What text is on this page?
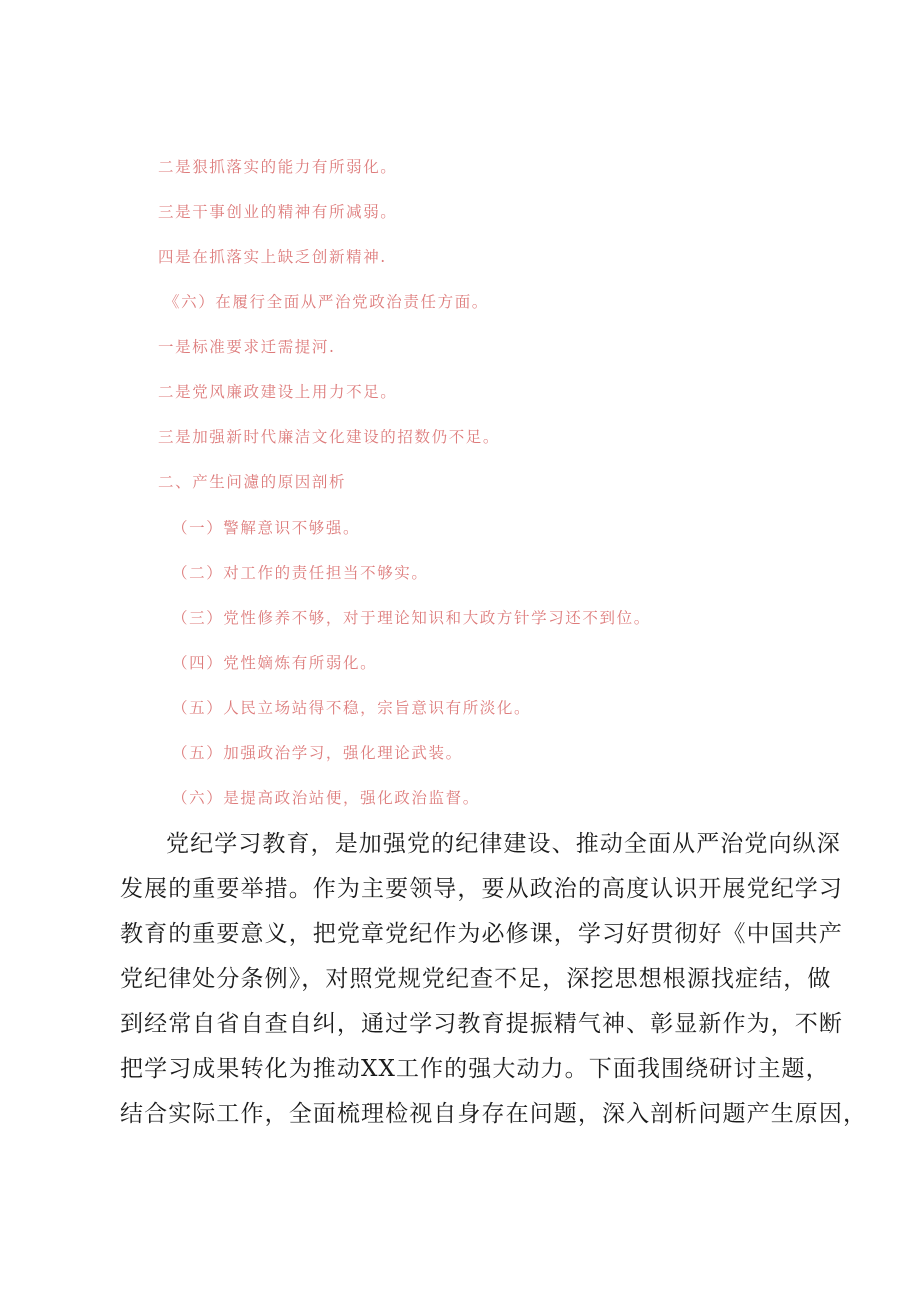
二是狠抓落实的能力有所弱化。
三是干事创业的精神有所减弱。
四是在抓落实上缺乏创新精神.
《六）在履行全面从严治党政治责任方面。
一是标准要求迁需提河.
二是党风廉政建设上用力不足。
三是加强新时代廉洁文化建设的招数仍不足。
二、产生问濾的原因剖析
（一）警解意识不够强。
（二）对工作的责任担当不够实。
（三）党性修养不够，对于理论知识和大政方针学习还不到位。
（四）党性嫡炼有所弱化。
（五）人民立场站得不稳，宗旨意识有所淡化。
（五）加强政治学习，强化理论武装。
（六）是提高政治站便，强化政治监督。

党纪学习教育，是加强党的纪律建设、推动全面从严治党向纵深
发展的重要举措。作为主要领导，要从政治的高度认识开展党纪学习
教育的重要意义，把党章党纪作为必修课，学习好贯彻好《中国共产
党纪律处分条例》，对照党规党纪查不足，深挖思想根源找症结，做
到经常自省自查自纠，通过学习教育提振精气神、彰显新作为，不断
把学习成果转化为推动XX工作的强大动力。下面我围绕研讨主题，
结合实际工作，全面梳理检视自身存在问题，深入剖析问题产生原因，
